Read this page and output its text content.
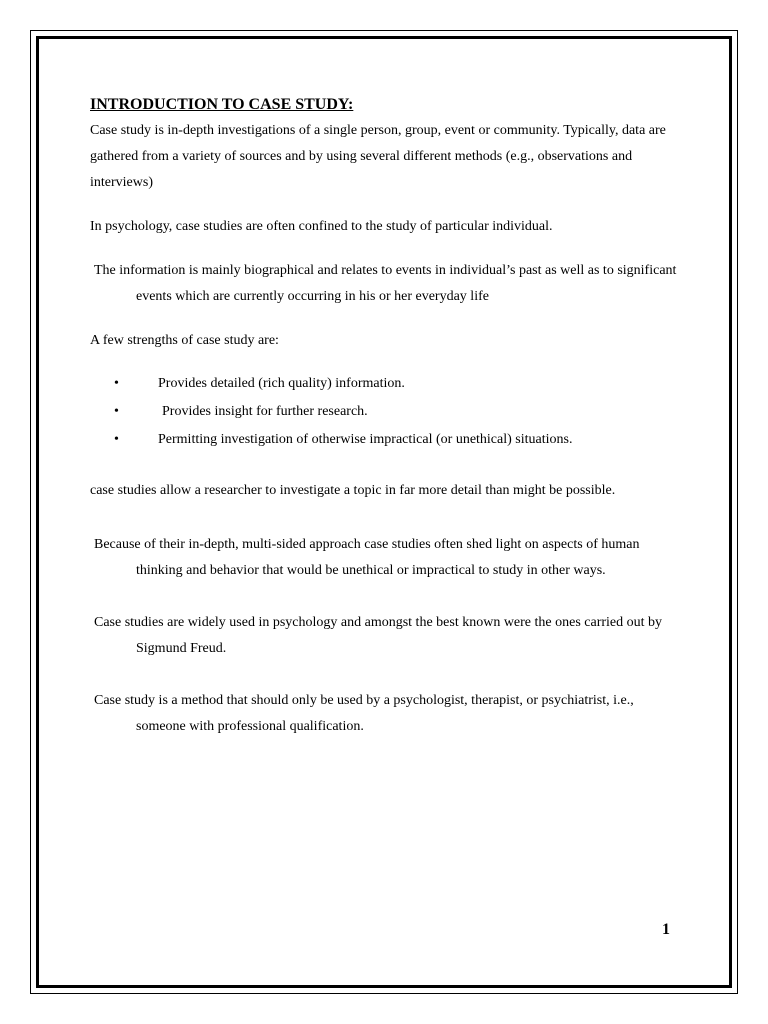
INTRODUCTION TO CASE STUDY:

Case study is in-depth investigations of a single person, group, event or community. Typically, data are gathered from a variety of sources and by using several different methods (e.g., observations and interviews)

In psychology, case studies are often confined to the study of particular individual.

The information is mainly biographical and relates to events in individual’s past as well as to significant events which are currently occurring in his or her everyday life

A few strengths of case study are:

•	Provides detailed (rich quality) information.
•	Provides insight for further research.
•	Permitting investigation of otherwise impractical (or unethical) situations.

case studies allow a researcher to investigate a topic in far more detail than might be possible.

Because of their in-depth, multi-sided approach case studies often shed light on aspects of human thinking and behavior that would be unethical or impractical to study in other ways.

Case studies are widely used in psychology and amongst the best known were the ones carried out by Sigmund Freud.

Case study is a method that should only be used by a psychologist, therapist, or psychiatrist, i.e., someone with professional qualification.

1
